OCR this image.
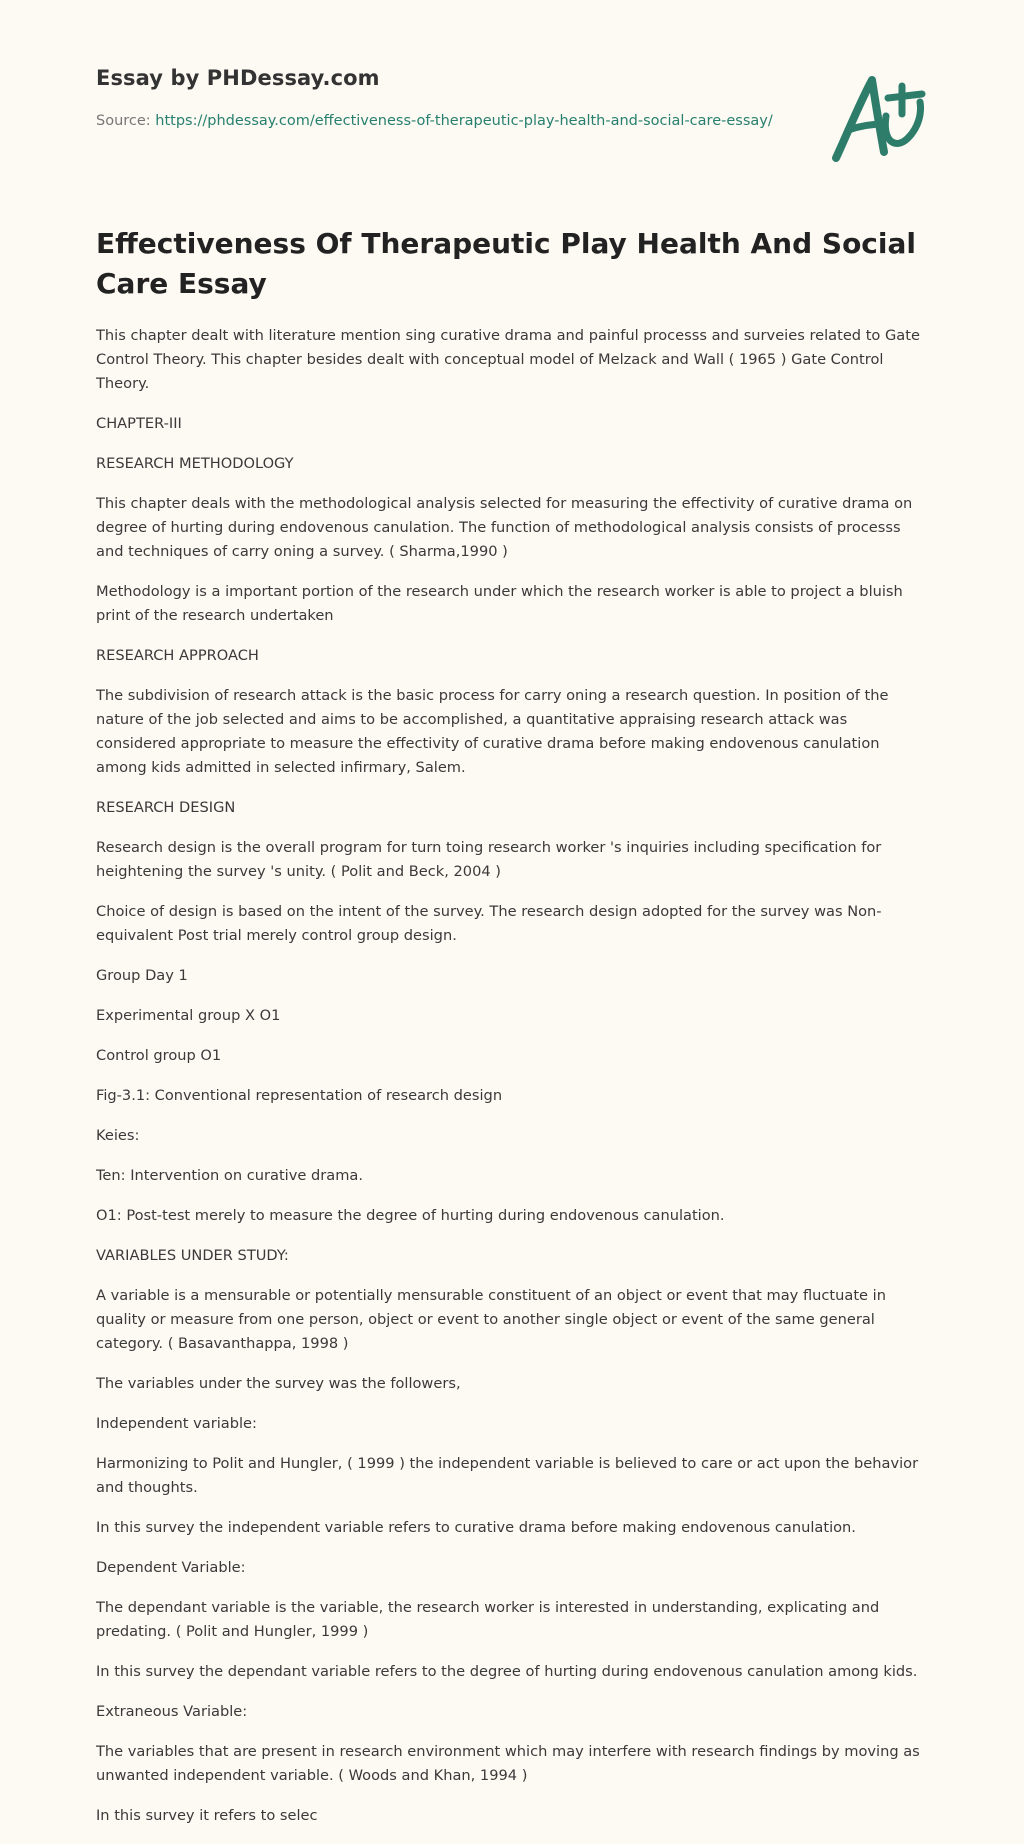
Essay by PHDessay.com
Source: https://phdessay.com/effectiveness-of-therapeutic-play-health-and-social-care-essay/
Effectiveness Of Therapeutic Play Health And Social Care Essay

This chapter dealt with literature mention sing curative drama and painful processs and surveies related to Gate Control Theory. This chapter besides dealt with conceptual model of Melzack and Wall ( 1965 ) Gate Control Theory.

CHAPTER-III

RESEARCH METHODOLOGY

This chapter deals with the methodological analysis selected for measuring the effectivity of curative drama on degree of hurting during endovenous canulation. The function of methodological analysis consists of processs and techniques of carry oning a survey. ( Sharma,1990 )

Methodology is a important portion of the research under which the research worker is able to project a bluish print of the research undertaken

RESEARCH APPROACH

The subdivision of research attack is the basic process for carry oning a research question. In position of the nature of the job selected and aims to be accomplished, a quantitative appraising research attack was considered appropriate to measure the effectivity of curative drama before making endovenous canulation among kids admitted in selected infirmary, Salem.

RESEARCH DESIGN

Research design is the overall program for turn toing research worker 's inquiries including specification for heightening the survey 's unity. ( Polit and Beck, 2004 )

Choice of design is based on the intent of the survey. The research design adopted for the survey was Non-equivalent Post trial merely control group design.

Group Day 1

Experimental group X O1

Control group O1

Fig-3.1: Conventional representation of research design

Keies:

Ten: Intervention on curative drama.

O1: Post-test merely to measure the degree of hurting during endovenous canulation.

VARIABLES UNDER STUDY:

A variable is a mensurable or potentially mensurable constituent of an object or event that may fluctuate in quality or measure from one person, object or event to another single object or event of the same general category. ( Basavanthappa, 1998 )

The variables under the survey was the followers,

Independent variable:

Harmonizing to Polit and Hungler, ( 1999 ) the independent variable is believed to care or act upon the behavior and thoughts.

In this survey the independent variable refers to curative drama before making endovenous canulation.

Dependent Variable:

The dependant variable is the variable, the research worker is interested in understanding, explicating and predating. ( Polit and Hungler, 1999 )

In this survey the dependant variable refers to the degree of hurting during endovenous canulation among kids.

Extraneous Variable:

The variables that are present in research environment which may interfere with research findings by moving as unwanted independent variable. ( Woods and Khan, 1994 )

In this survey it refers to selec
